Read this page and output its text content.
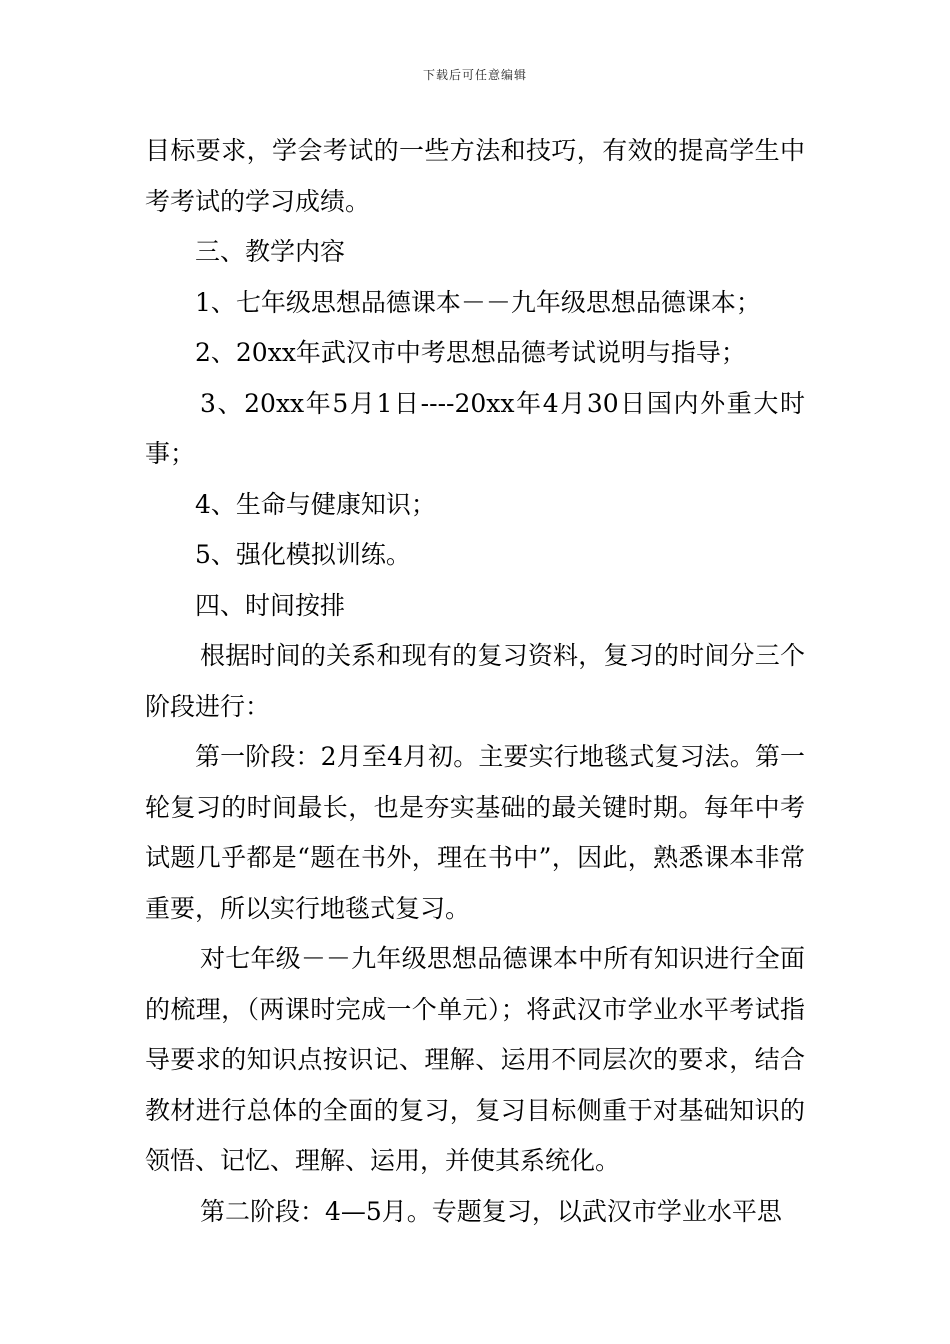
下载后可任意编辑

目标要求，学会考试的一些方法和技巧，有效的提高学生中考考试的学习成绩。

三、教学内容

1、七年级思想品德课本－－九年级思想品德课本；

2、20xx年武汉市中考思想品德考试说明与指导；

3、20xx年5月1日----20xx年4月30日国内外重大时事；

4、生命与健康知识；

5、强化模拟训练。

四、时间按排

根据时间的关系和现有的复习资料，复习的时间分三个阶段进行：

第一阶段：2月至4月初。主要实行地毯式复习法。第一轮复习的时间最长，也是夯实基础的最关键时期。每年中考试题几乎都是“题在书外，理在书中”，因此，熟悉课本非常重要，所以实行地毯式复习。

对七年级－－九年级思想品德课本中所有知识进行全面的梳理，（两课时完成一个单元）；将武汉市学业水平考试指导要求的知识点按识记、理解、运用不同层次的要求，结合教材进行总体的全面的复习，复习目标侧重于对基础知识的领悟、记忆、理解、运用，并使其系统化。

第二阶段：4—5月。专题复习，以武汉市学业水平思
